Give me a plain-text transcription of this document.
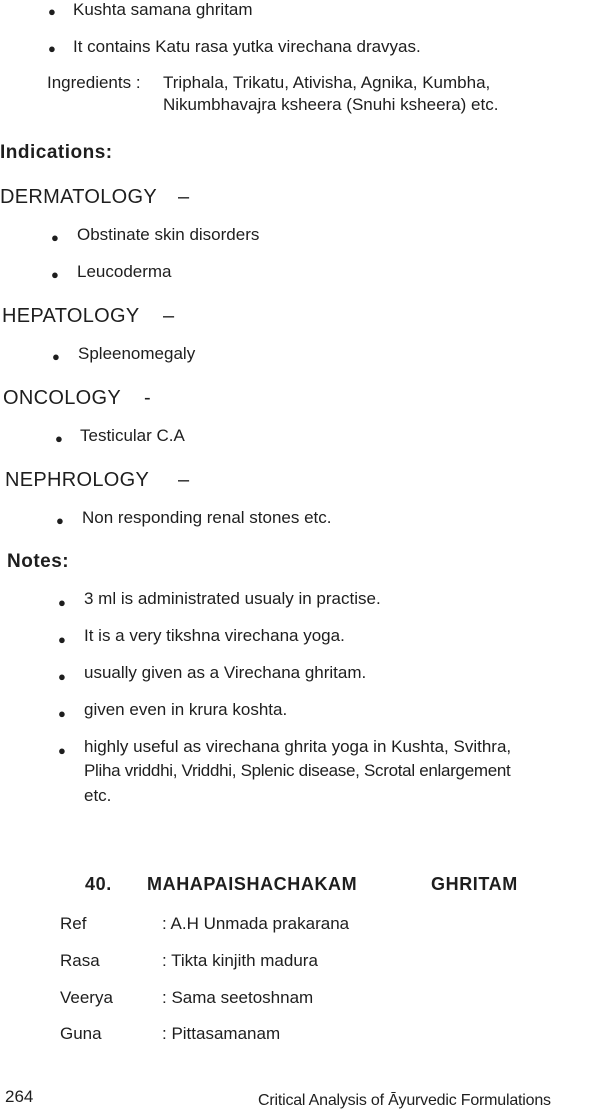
● Kushta samana ghritam
● It contains Katu rasa yutka virechana dravyas.
Ingredients : Triphala, Trikatu, Ativisha, Agnika, Kumbha,
Nikumbhavajra ksheera (Snuhi ksheera) etc.
Indications:
DERMATOLOGY –
● Obstinate skin disorders
● Leucoderma
HEPATOLOGY –
● Spleenomegaly
ONCOLOGY -
● Testicular C.A
NEPHROLOGY –
● Non responding renal stones etc.
Notes:
● 3 ml is administrated usualy in practise.
● It is a very tikshna virechana yoga.
● usually given as a Virechana ghritam.
● given even in krura koshta.
● highly useful as virechana ghrita yoga in Kushta, Svithra,
Pliha vriddhi, Vriddhi, Splenic disease, Scrotal enlargement
etc.
40. MAHAPAISHACHAKAM	GHRITAM
Ref	: A.H Unmada prakarana
Rasa	: Tikta kinjith madura
Veerya	: Sama seetoshnam
Guna	: Pittasamanam
264	Critical Analysis of Āyurvedic Formulations
